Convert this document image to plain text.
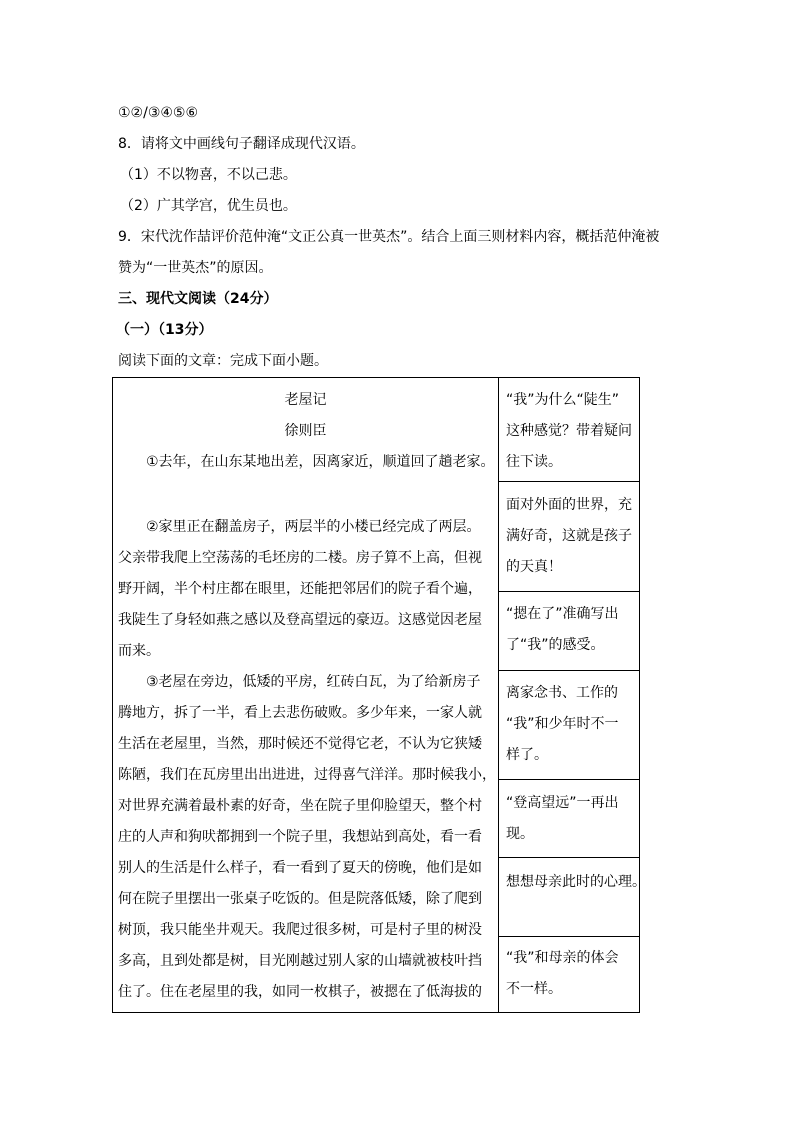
①②/③④⑤⑥
8．请将文中画线句子翻译成现代汉语。
（1）不以物喜，不以己悲。
（2）广其学宫，优生员也。
9．宋代沈作喆评价范仲淹“文正公真一世英杰”。结合上面三则材料内容，概括范仲淹被
赞为“一世英杰”的原因。
三、现代文阅读（24分）
（一）（13分）
阅读下面的文章：完成下面小题。
老屋记
徐则臣
　　①去年，在山东某地出差，因离家近，顺道回了趟老家。
　　②家里正在翻盖房子，两层半的小楼已经完成了两层。
父亲带我爬上空荡荡的毛坯房的二楼。房子算不上高，但视
野开阔，半个村庄都在眼里，还能把邻居们的院子看个遍，
我陡生了身轻如燕之感以及登高望远的豪迈。这感觉因老屋
而来。
　　③老屋在旁边，低矮的平房，红砖白瓦，为了给新房子
腾地方，拆了一半，看上去悲伤破败。多少年来，一家人就
生活在老屋里，当然，那时候还不觉得它老，不认为它狭矮
陈陋，我们在瓦房里出出进进，过得喜气洋洋。那时候我小，
对世界充满着最朴素的好奇，坐在院子里仰脸望天，整个村
庄的人声和狗吠都拥到一个院子里，我想站到高处，看一看
别人的生活是什么样子，看一看到了夏天的傍晚，他们是如
何在院子里摆出一张桌子吃饭的。但是院落低矮，除了爬到
树顶，我只能坐井观天。我爬过很多树，可是村子里的树没
多高，且到处都是树，目光刚越过别人家的山墙就被枝叶挡
住了。住在老屋里的我，如同一枚棋子，被摁在了低海拔的
“我”为什么“陡生”
这种感觉？带着疑问
往下读。
面对外面的世界，充
满好奇，这就是孩子
的天真！
“摁在了”准确写出
了“我”的感受。
离家念书、工作的
“我”和少年时不一
样了。
“登高望远”一再出
现。
想想母亲此时的心理。
“我”和母亲的体会
不一样。
